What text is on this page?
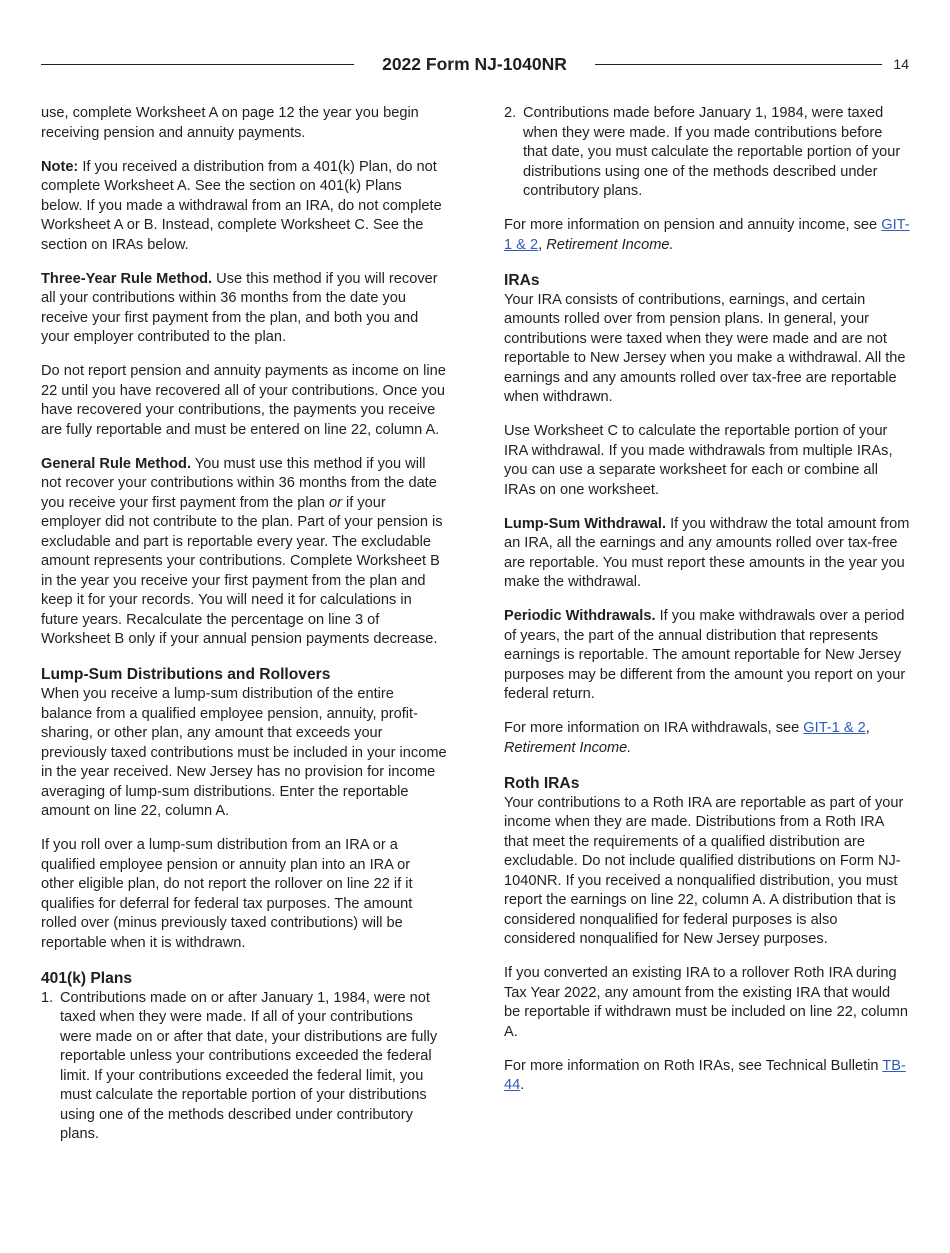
2022 Form NJ-1040NR	14

use, complete Worksheet A on page 12 the year you begin receiving pension and annuity payments.

Note: If you received a distribution from a 401(k) Plan, do not complete Worksheet A. See the section on 401(k) Plans below. If you made a withdrawal from an IRA, do not complete Worksheet A or B. Instead, complete Worksheet C. See the section on IRAs below.

Three-Year Rule Method. Use this method if you will recover all your contributions within 36 months from the date you receive your first payment from the plan, and both you and your employer contributed to the plan.

Do not report pension and annuity payments as income on line 22 until you have recovered all of your contributions. Once you have recovered your contributions, the payments you receive are fully reportable and must be entered on line 22, column A.

General Rule Method. You must use this method if you will not recover your contributions within 36 months from the date you receive your first payment from the plan or if your employer did not contribute to the plan. Part of your pension is excludable and part is reportable every year. The excludable amount represents your contributions. Complete Worksheet B in the year you receive your first payment from the plan and keep it for your records. You will need it for calculations in future years. Recalculate the percentage on line 3 of Worksheet B only if your annual pension payments decrease.

Lump-Sum Distributions and Rollovers

When you receive a lump-sum distribution of the entire balance from a qualified employee pension, annuity, profit-sharing, or other plan, any amount that exceeds your previously taxed contributions must be included in your income in the year received. New Jersey has no provision for income averaging of lump-sum distributions. Enter the reportable amount on line 22, column A.

If you roll over a lump-sum distribution from an IRA or a qualified employee pension or annuity plan into an IRA or other eligible plan, do not report the rollover on line 22 if it qualifies for deferral for federal tax purposes. The amount rolled over (minus previously taxed contributions) will be reportable when it is withdrawn.

401(k) Plans
1. Contributions made on or after January 1, 1984, were not taxed when they were made. If all of your contributions were made on or after that date, your distributions are fully reportable unless your contributions exceeded the federal limit. If your contributions exceeded the federal limit, you must calculate the reportable portion of your distributions using one of the methods described under contributory plans.
2. Contributions made before January 1, 1984, were taxed when they were made. If you made contributions before that date, you must calculate the reportable portion of your distributions using one of the methods described under contributory plans.

For more information on pension and annuity income, see GIT-1 & 2, Retirement Income.

IRAs

Your IRA consists of contributions, earnings, and certain amounts rolled over from pension plans. In general, your contributions were taxed when they were made and are not reportable to New Jersey when you make a withdrawal. All the earnings and any amounts rolled over tax-free are reportable when withdrawn.

Use Worksheet C to calculate the reportable portion of your IRA withdrawal. If you made withdrawals from multiple IRAs, you can use a separate worksheet for each or combine all IRAs on one worksheet.

Lump-Sum Withdrawal. If you withdraw the total amount from an IRA, all the earnings and any amounts rolled over tax-free are reportable. You must report these amounts in the year you make the withdrawal.

Periodic Withdrawals. If you make withdrawals over a period of years, the part of the annual distribution that represents earnings is reportable. The amount reportable for New Jersey purposes may be different from the amount you report on your federal return.

For more information on IRA withdrawals, see GIT-1 & 2,
Retirement Income.

Roth IRAs

Your contributions to a Roth IRA are reportable as part of your income when they are made. Distributions from a Roth IRA that meet the requirements of a qualified distribution are excludable. Do not include qualified distributions on Form NJ-1040NR. If you received a nonqualified distribution, you must report the earnings on line 22, column A. A distribution that is considered nonqualified for federal purposes is also considered nonqualified for New Jersey purposes.

If you converted an existing IRA to a rollover Roth IRA during Tax Year 2022, any amount from the existing IRA that would be reportable if withdrawn must be included on line 22, column A.

For more information on Roth IRAs, see Technical Bulletin TB-44.
